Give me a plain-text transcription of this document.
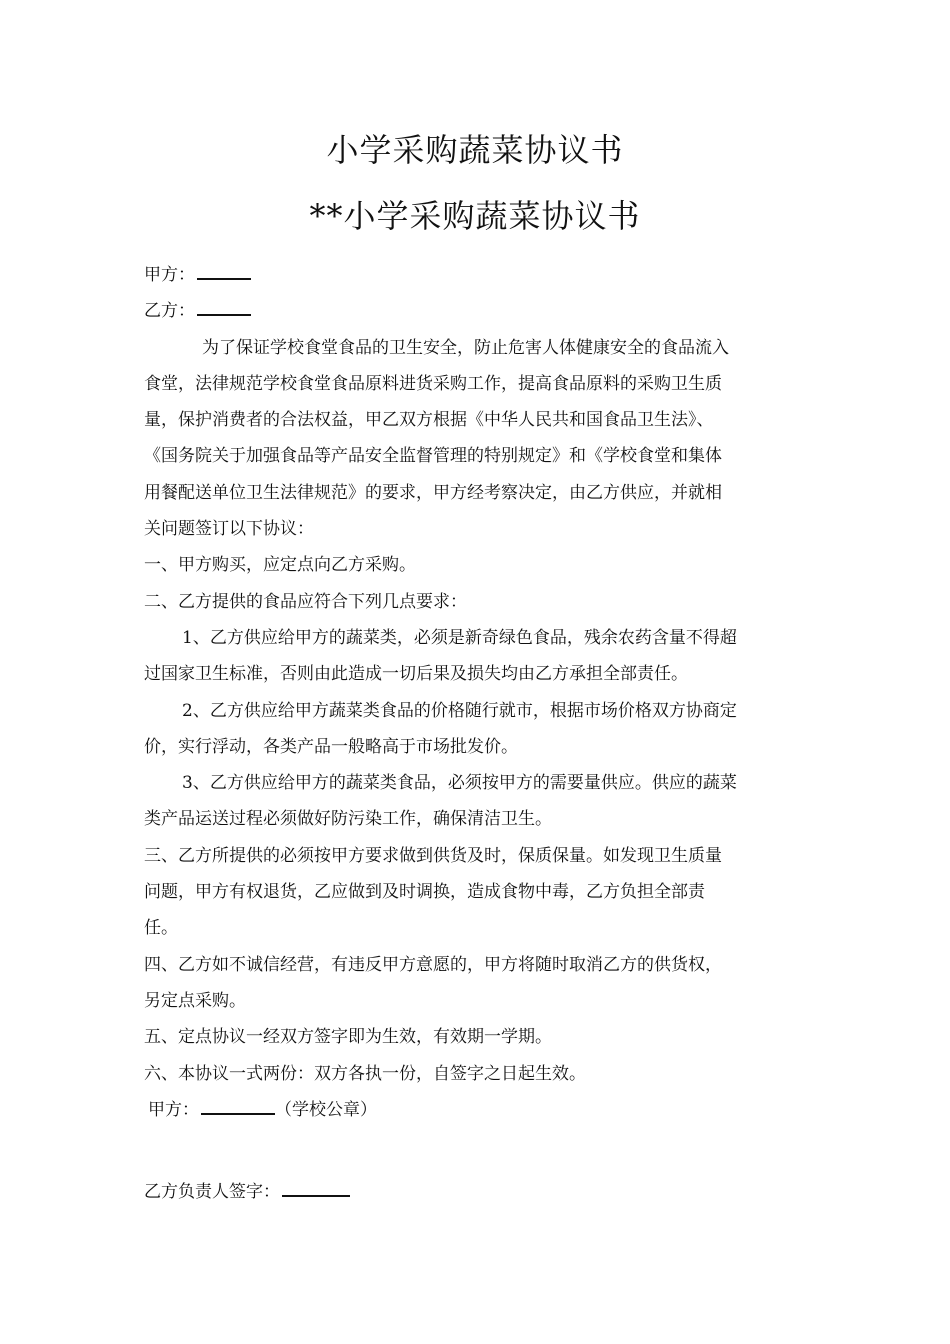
小学采购蔬菜协议书
**小学采购蔬菜协议书
甲方：
乙方：
为了保证学校食堂食品的卫生安全，防止危害人体健康安全的食品流入
食堂，法律规范学校食堂食品原料进货采购工作，提高食品原料的采购卫生质
量，保护消费者的合法权益，甲乙双方根据《中华人民共和国食品卫生法》、
《国务院关于加强食品等产品安全监督管理的特别规定》和《学校食堂和集体
用餐配送单位卫生法律规范》的要求，甲方经考察决定，由乙方供应，并就相
关问题签订以下协议：
一、甲方购买，应定点向乙方采购。
二、乙方提供的食品应符合下列几点要求：
1、乙方供应给甲方的蔬菜类，必须是新奇绿色食品，残余农药含量不得超
过国家卫生标准，否则由此造成一切后果及损失均由乙方承担全部责任。
2、乙方供应给甲方蔬菜类食品的价格随行就市，根据市场价格双方协商定
价，实行浮动，各类产品一般略高于市场批发价。
3、乙方供应给甲方的蔬菜类食品，必须按甲方的需要量供应。供应的蔬菜
类产品运送过程必须做好防污染工作，确保清洁卫生。
三、乙方所提供的必须按甲方要求做到供货及时，保质保量。如发现卫生质量
问题，甲方有权退货，乙应做到及时调换，造成食物中毒，乙方负担全部责
任。
四、乙方如不诚信经营，有违反甲方意愿的，甲方将随时取消乙方的供货权，
另定点采购。
五、定点协议一经双方签字即为生效，有效期一学期。
六、本协议一式两份：双方各执一份，自签字之日起生效。
甲方：	（学校公章）
乙方负责人签字：
